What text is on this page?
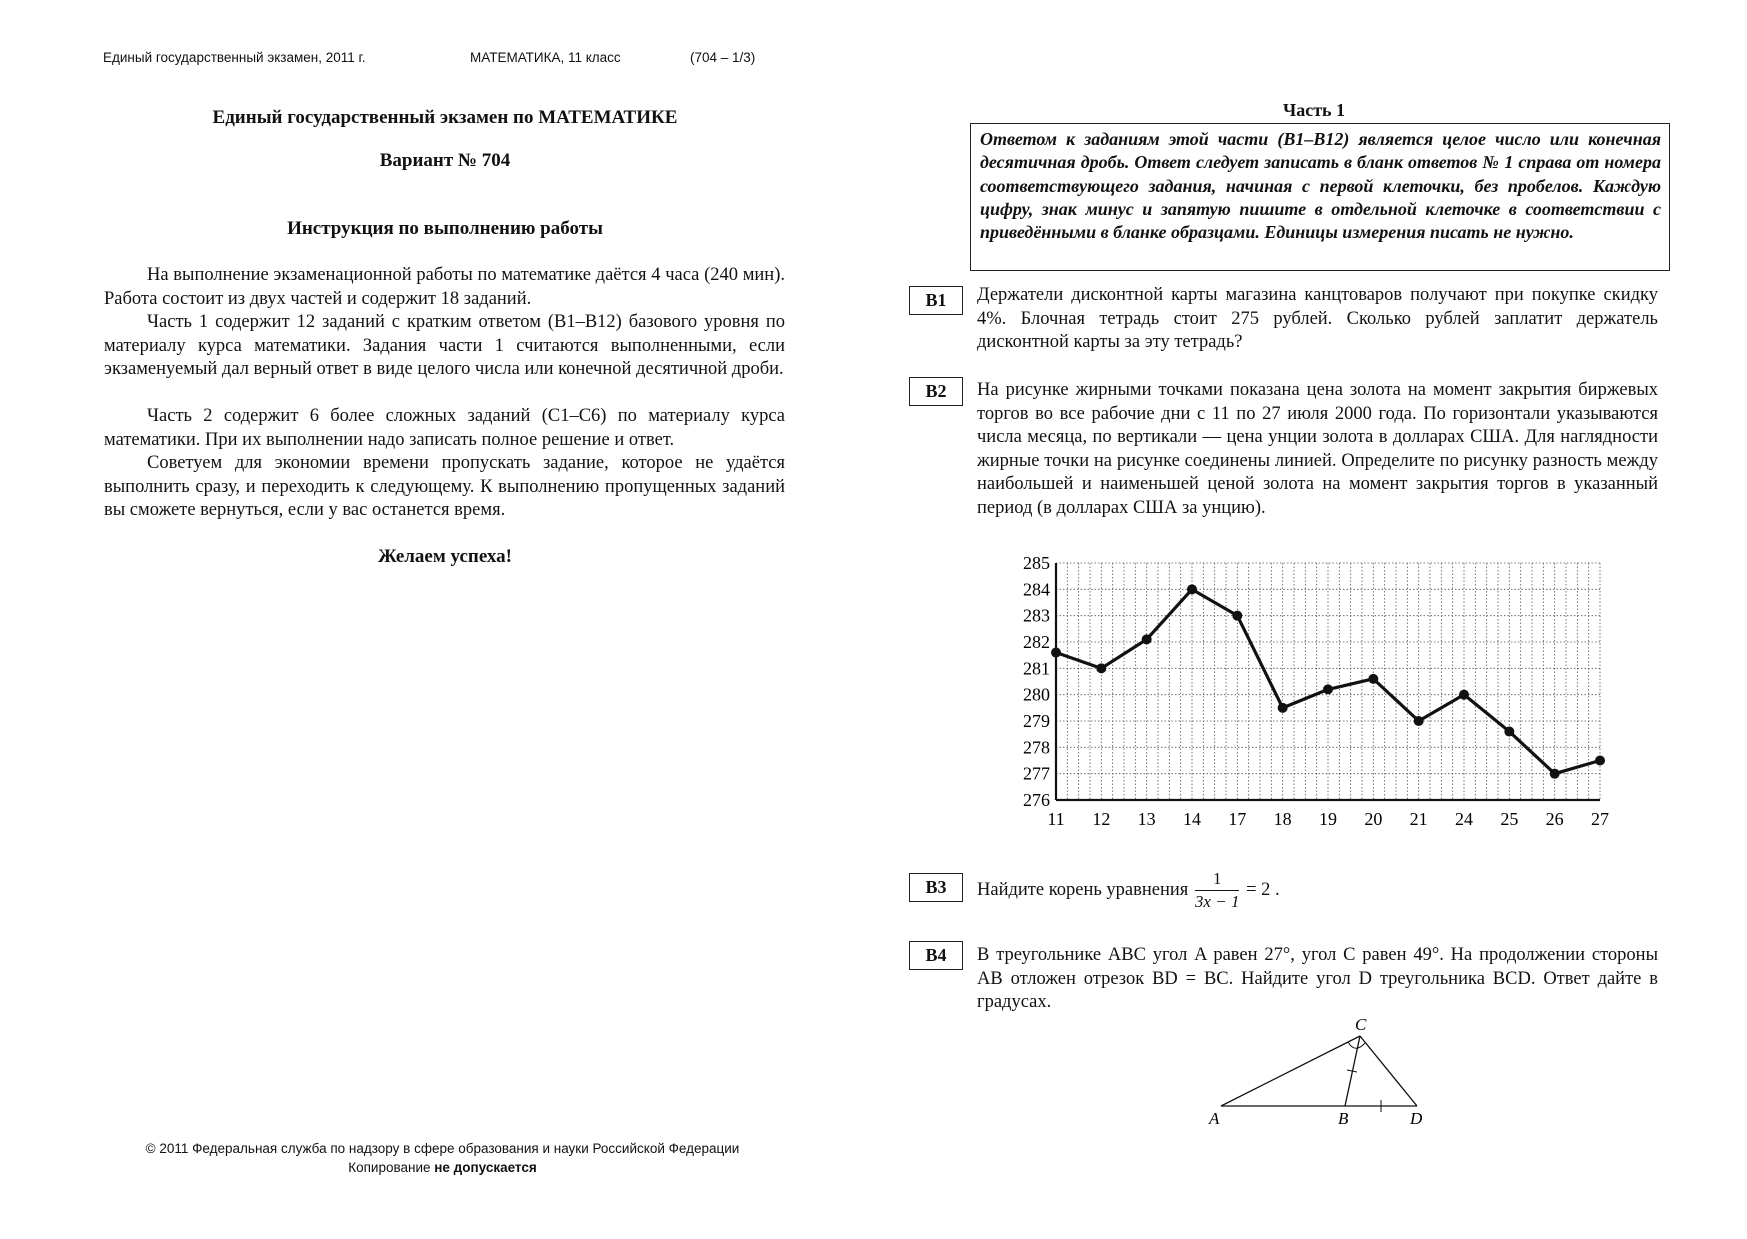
Единый государственный экзамен, 2011 г.	МАТЕМАТИКА, 11 класс	(704 – 1/3)
Единый государственный экзамен по МАТЕМАТИКЕ
Вариант № 704
Инструкция по выполнению работы
На выполнение экзаменационной работы по математике даётся 4 часа (240 мин). Работа состоит из двух частей и содержит 18 заданий.
Часть 1 содержит 12 заданий с кратким ответом (B1–B12) базового уровня по материалу курса математики. Задания части 1 считаются выполненными, если экзаменуемый дал верный ответ в виде целого числа или конечной десятичной дроби.
Часть 2 содержит 6 более сложных заданий (C1–C6) по материалу курса математики. При их выполнении надо записать полное решение и ответ.
Советуем для экономии времени пропускать задание, которое не удаётся выполнить сразу, и переходить к следующему. К выполнению пропущенных заданий вы сможете вернуться, если у вас останется время.
Желаем успеха!
© 2011 Федеральная служба по надзору в сфере образования и науки Российской Федерации
Копирование не допускается
Часть 1
Ответом к заданиям этой части (B1–B12) является целое число или конечная десятичная дробь. Ответ следует записать в бланк ответов № 1 справа от номера соответствующего задания, начиная с первой клеточки, без пробелов. Каждую цифру, знак минус и запятую пишите в отдельной клеточке в соответствии с приведёнными в бланке образцами. Единицы измерения писать не нужно.
B1	Держатели дисконтной карты магазина канцтоваров получают при покупке скидку 4%. Блочная тетрадь стоит 275 рублей. Сколько рублей заплатит держатель дисконтной карты за эту тетрадь?
B2	На рисунке жирными точками показана цена золота на момент закрытия биржевых торгов во все рабочие дни с 11 по 27 июля 2000 года. По горизонтали указываются числа месяца, по вертикали — цена унции золота в долларах США. Для наглядности жирные точки на рисунке соединены линией. Определите по рисунку разность между наибольшей и наименьшей ценой золота на момент закрытия торгов в указанный период (в долларах США за унцию).
276
277
278
279
280
281
282
283
284
285
11 12 13 14 17 18 19 20 21 24 25 26 27
B3	Найдите корень уравнения $\frac{1}{3x - 1} = 2$ .
B4	В треугольнике ABC угол A равен 27°, угол C равен 49°. На продолжении стороны AB отложен отрезок BD = BC. Найдите угол D треугольника BCD. Ответ дайте в градусах.
A	B
C
D
